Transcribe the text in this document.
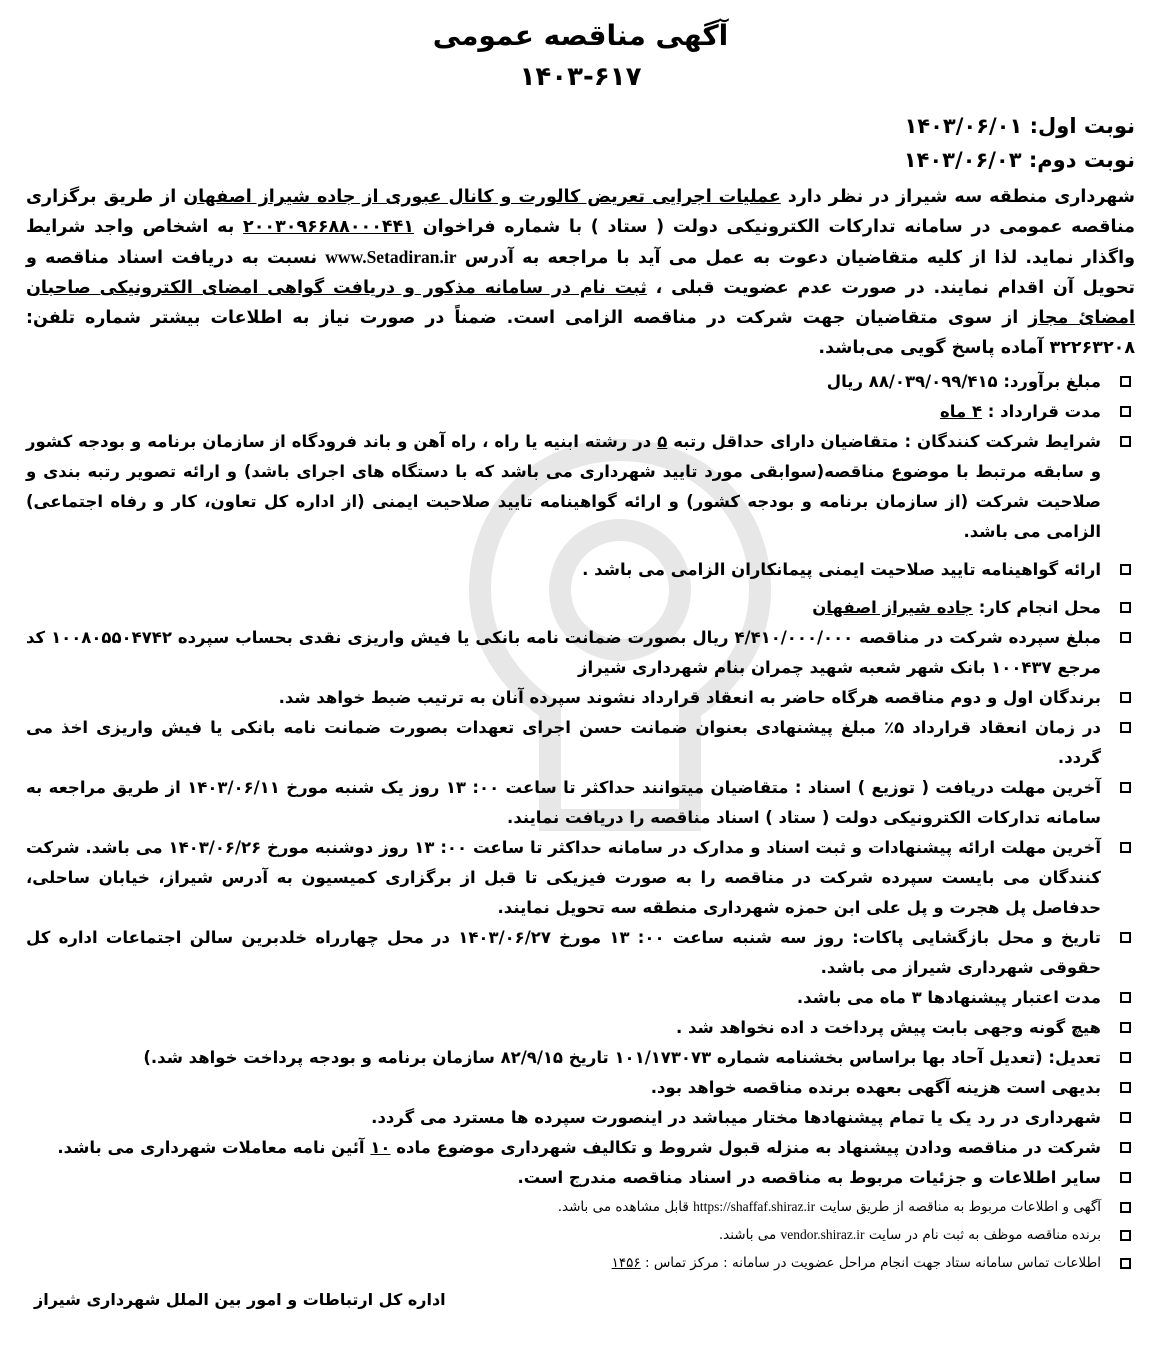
آگهی مناقصه عمومی
۱۴۰۳-۶۱۷
نوبت اول: ۱۴۰۳/۰۶/۰۱
نوبت دوم: ۱۴۰۳/۰۶/۰۳

شهرداری منطقه سه شیراز در نظر دارد عملیات اجرایی تعریض کالورت و کانال عبوری از جاده شیراز اصفهان از طریق برگزاری مناقصه عمومی در سامانه تدارکات الکترونیکی دولت ( ستاد ) با شماره فراخوان ۲۰۰۳۰۹۶۶۸۸۰۰۰۴۴۱ به اشخاص واجد شرایط واگذار نماید. لذا از کلیه متقاضیان دعوت به عمل می آید با مراجعه به آدرس www.Setadiran.ir نسبت به دریافت اسناد مناقصه و تحویل آن اقدام نمایند. در صورت عدم عضویت قبلی ، ثبت نام در سامانه مذکور و دریافت گواهی امضای الکترونیکی صاحبان امضائ مجاز از سوی متقاضیان جهت شرکت در مناقصه الزامی است. ضمناً در صورت نیاز به اطلاعات بیشتر شماره تلفن: ۳۲۲۶۳۲۰۸ آماده پاسخ گویی می‌باشد.

مبلغ برآورد: ۸۸/۰۳۹/۰۹۹/۴۱۵ ریال
مدت قرارداد : ۴ ماه
شرایط شرکت کنندگان : متقاضیان دارای حداقل رتبه ۵ در رشته ابنیه یا راه ، راه آهن و باند فرودگاه از سازمان برنامه و بودجه کشور و سابقه مرتبط با موضوع مناقصه(سوابقی مورد تایید شهرداری می باشد که با دستگاه های اجرای باشد) و ارائه تصویر رتبه بندی و صلاحیت شرکت (از سازمان برنامه و بودجه کشور) و ارائه گواهینامه تایید صلاحیت ایمنی (از اداره کل تعاون، کار و رفاه اجتماعی) الزامی می باشد.
ارائه گواهینامه تایید صلاحیت ایمنی پیمانکاران الزامی می باشد .
محل انجام کار: جاده شیراز اصفهان
مبلغ سپرده شرکت در مناقصه ۴/۴۱۰/۰۰۰/۰۰۰ ریال بصورت ضمانت نامه بانکی یا فیش واریزی نقدی بحساب سپرده ۱۰۰۸۰۵۵۰۴۷۴۲ کد مرجع ۱۰۰۴۳۷ بانک شهر شعبه شهید چمران بنام شهرداری شیراز
برندگان اول و دوم مناقصه هرگاه حاضر به انعقاد قرارداد نشوند سپرده آنان به ترتیب ضبط خواهد شد.
در زمان انعقاد قرارداد ۵٪ مبلغ پیشنهادی بعنوان ضمانت حسن اجرای تعهدات بصورت ضمانت نامه بانکی یا فیش واریزی اخذ می گردد.
آخرین مهلت دریافت ( توزیع ) اسناد : متقاضیان میتوانند حداکثر تا ساعت ۰۰: ۱۳ روز یک شنبه مورخ ۱۴۰۳/۰۶/۱۱ از طریق مراجعه به سامانه تدارکات الکترونیکی دولت ( ستاد ) اسناد مناقصه را دریافت نمایند.
آخرین مهلت ارائه پیشنهادات و ثبت اسناد و مدارک در سامانه حداکثر تا ساعت ۰۰: ۱۳ روز دوشنبه مورخ ۱۴۰۳/۰۶/۲۶ می باشد. شرکت کنندگان می بایست سپرده شرکت در مناقصه را به صورت فیزیکی تا قبل از برگزاری کمیسیون به آدرس شیراز، خیابان ساحلی، حدفاصل پل هجرت و پل علی ابن حمزه شهرداری منطقه سه تحویل نمایند.
تاریخ و محل بازگشایی پاکات: روز سه شنبه ساعت ۰۰: ۱۳ مورخ ۱۴۰۳/۰۶/۲۷ در محل چهارراه خلدبرین سالن اجتماعات اداره کل حقوقی شهرداری شیراز می باشد.
مدت اعتبار پیشنهادها ۳ ماه می باشد.
هیچ گونه وجهی بابت پیش پرداخت د اده نخواهد شد .
تعدیل: (تعدیل آحاد بها براساس بخشنامه شماره ۱۰۱/۱۷۳۰۷۳ تاریخ ۸۲/۹/۱۵ سازمان برنامه و بودجه پرداخت خواهد شد.)
بدیهی است هزینه آگهی بعهده برنده مناقصه خواهد بود.
شهرداری در رد یک یا تمام پیشنهادها مختار میباشد در اینصورت سپرده ها مسترد می گردد.
شرکت در مناقصه ودادن پیشنهاد به منزله قبول شروط و تکالیف شهرداری موضوع ماده ۱۰ آئین نامه معاملات شهرداری می باشد.
سایر اطلاعات و جزئیات مربوط به مناقصه در اسناد مناقصه مندرج است.
آگهی و اطلاعات مربوط به مناقصه از طریق سایت https://shaffaf.shiraz.ir قابل مشاهده می باشد.
برنده مناقصه موظف به ثبت نام در سایت vendor.shiraz.ir می باشند.
اطلاعات تماس سامانه ستاد جهت انجام مراحل عضویت در سامانه : مرکز تماس : ۱۴۵۶
اداره کل ارتباطات و امور بین الملل شهرداری شیراز
